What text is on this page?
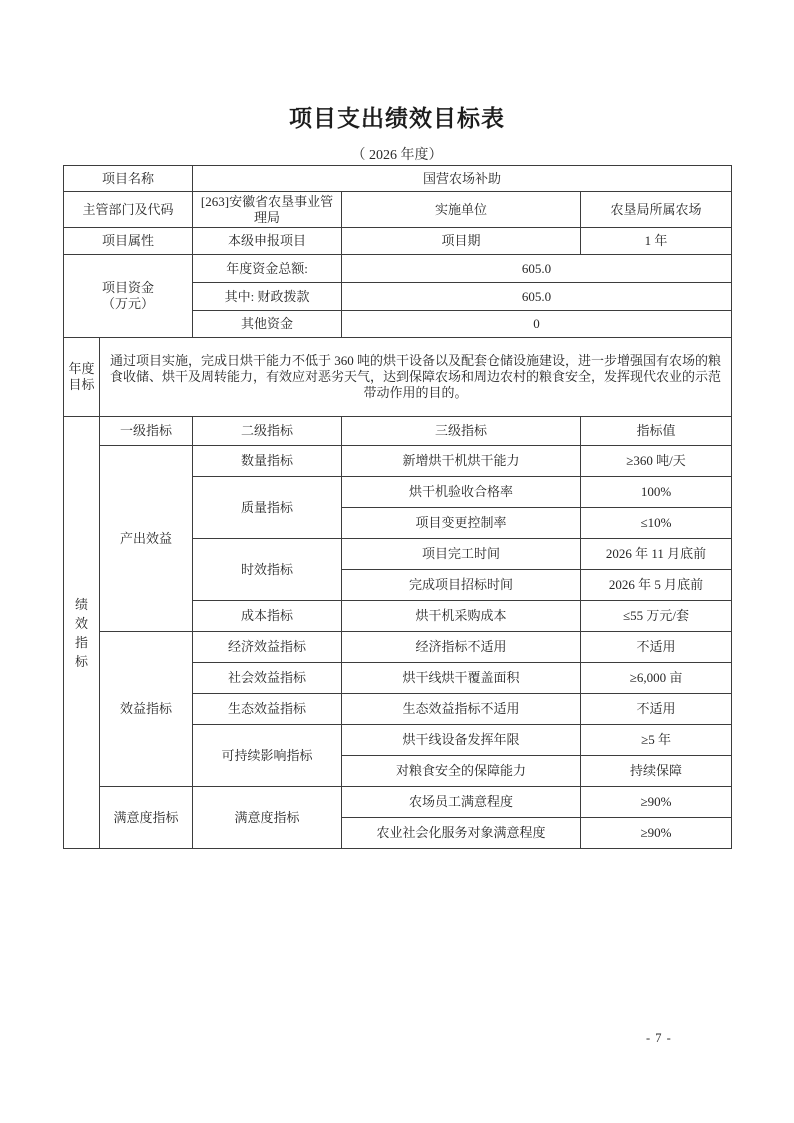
项目支出绩效目标表
（ 2026 年度）
项目名称		国营农场补助		
主管部门及代码		[263]安徽省农垦事业管理局	实施单位	农垦局所属农场
项目属性		本级申报项目	项目期	1 年

项目资金
（万元）		年度资金总额:	605.0	
		其中: 财政拨款	605.0	
		其他资金	0	
年度目标	通过项目实施，完成日烘干能力不低于 360 吨的烘干设备以及配套仓储设施建设，进一步增强国有农场的粮食收储、烘干及周转能力，有效应对恶劣天气，达到保障农场和周边农村的粮食安全，发挥现代农业的示范带动作用的目的。			

绩效指标	一级指标	二级指标	三级指标	指标值
	产出效益	数量指标	新增烘干机烘干能力	≥360 吨/天
		质量指标	烘干机验收合格率	100%
			项目变更控制率	≤10%
		时效指标	项目完工时间	2026 年 11 月底前
			完成项目招标时间	2026 年 5 月底前
		成本指标	烘干机采购成本	≤55 万元/套
	效益指标	经济效益指标	经济指标不适用	不适用
		社会效益指标	烘干线烘干覆盖面积	≥6,000 亩
		生态效益指标	生态效益指标不适用	不适用
		可持续影响指标	烘干线设备发挥年限	≥5 年
			对粮食安全的保障能力	持续保障
	满意度指标	满意度指标	农场员工满意程度	≥90%
			农业社会化服务对象满意程度	≥90%
- 7 -
